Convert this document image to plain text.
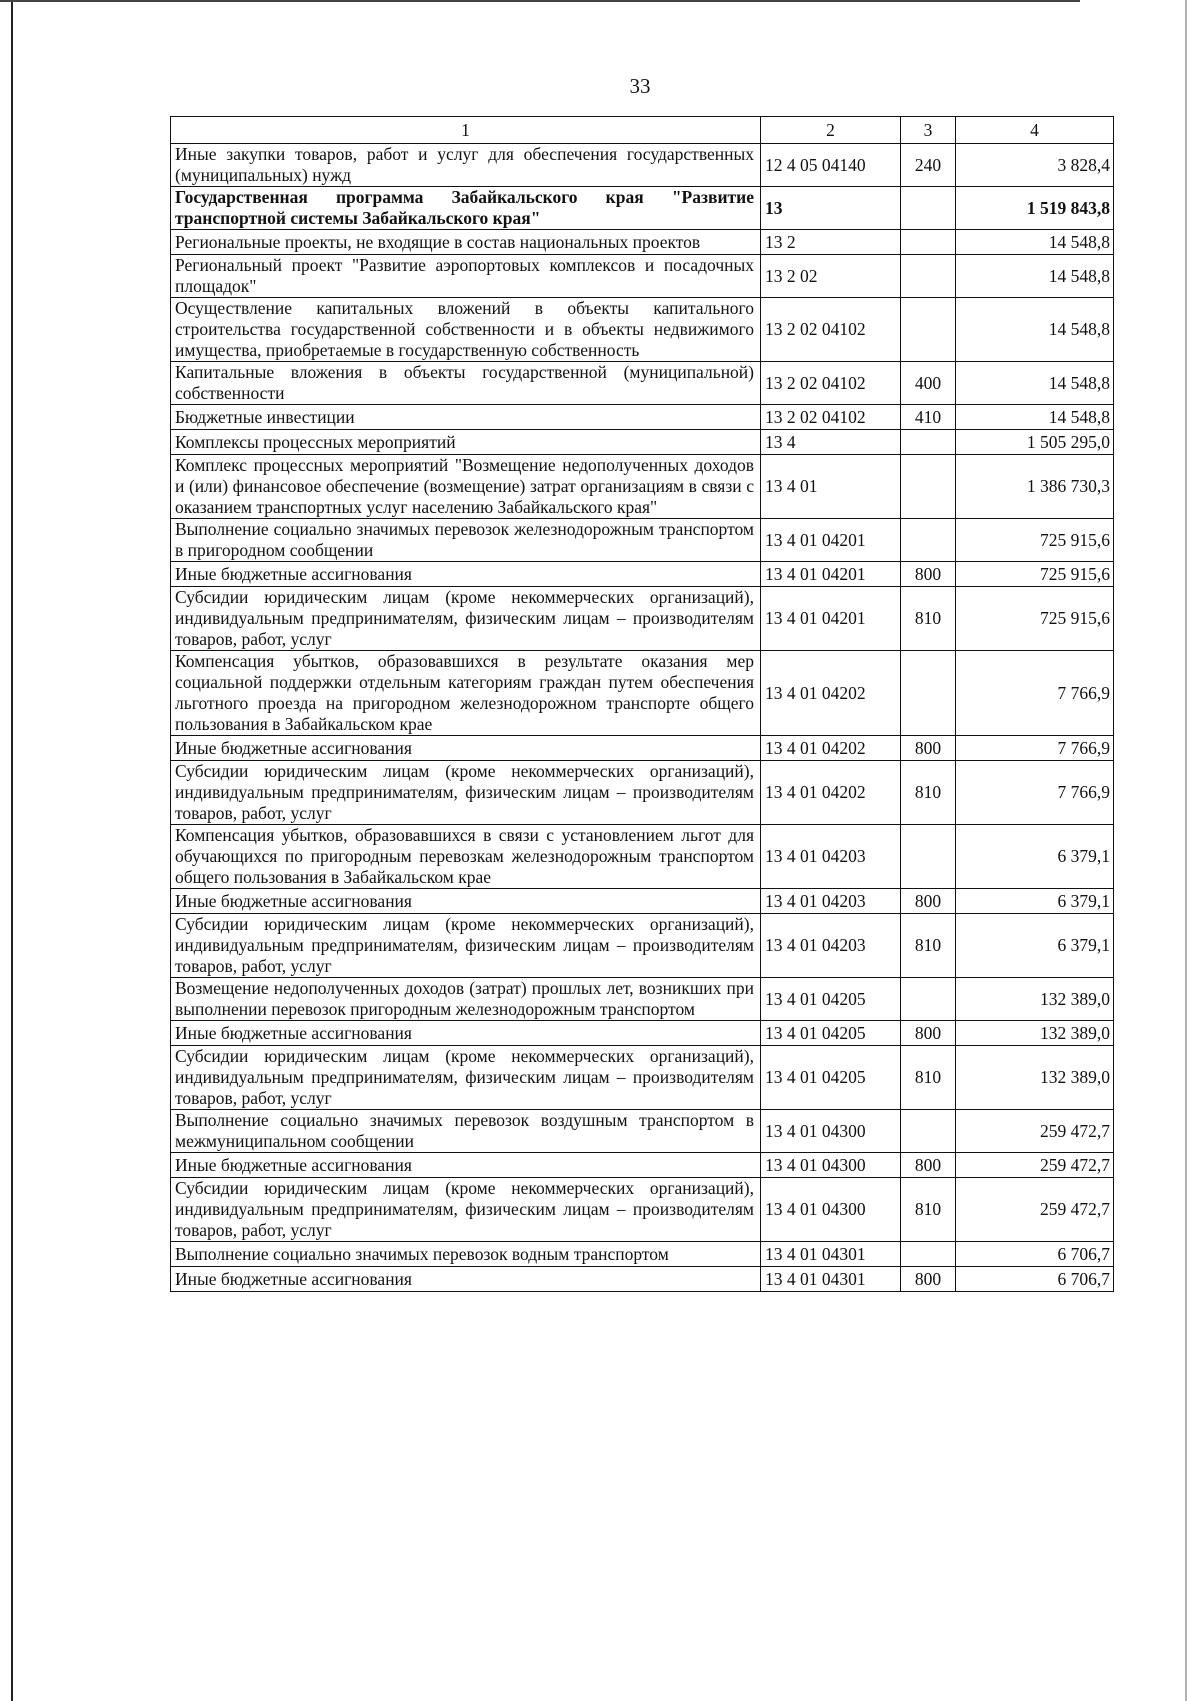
33
1	2	3	4
Иные закупки товаров, работ и услуг для обеспечения государственных (муниципальных) нужд	12 4 05 04140	240	3 828,4
Государственная программа Забайкальского края "Развитие транспортной системы Забайкальского края"	13		1 519 843,8
Региональные проекты, не входящие в состав национальных проектов	13 2		14 548,8
Региональный проект "Развитие аэропортовых комплексов и посадочных площадок"	13 2 02		14 548,8
Осуществление капитальных вложений в объекты капитального строительства государственной собственности и в объекты недвижимого имущества, приобретаемые в государственную собственность	13 2 02 04102		14 548,8
Капитальные вложения в объекты государственной (муниципальной) собственности	13 2 02 04102	400	14 548,8
Бюджетные инвестиции	13 2 02 04102	410	14 548,8
Комплексы процессных мероприятий	13 4		1 505 295,0
Комплекс процессных мероприятий "Возмещение недополученных доходов и (или) финансовое обеспечение (возмещение) затрат организациям в связи с оказанием транспортных услуг населению Забайкальского края"	13 4 01		1 386 730,3
Выполнение социально значимых перевозок железнодорожным транспортом в пригородном сообщении	13 4 01 04201		725 915,6
Иные бюджетные ассигнования	13 4 01 04201	800	725 915,6
Субсидии юридическим лицам (кроме некоммерческих организаций), индивидуальным предпринимателям, физическим лицам – производителям товаров, работ, услуг	13 4 01 04201	810	725 915,6
Компенсация убытков, образовавшихся в результате оказания мер социальной поддержки отдельным категориям граждан путем обеспечения льготного проезда на пригородном железнодорожном транспорте общего пользования в Забайкальском крае	13 4 01 04202		7 766,9
Иные бюджетные ассигнования	13 4 01 04202	800	7 766,9
Субсидии юридическим лицам (кроме некоммерческих организаций), индивидуальным предпринимателям, физическим лицам – производителям товаров, работ, услуг	13 4 01 04202	810	7 766,9
Компенсация убытков, образовавшихся в связи с установлением льгот для обучающихся по пригородным перевозкам железнодорожным транспортом общего пользования в Забайкальском крае	13 4 01 04203		6 379,1
Иные бюджетные ассигнования	13 4 01 04203	800	6 379,1
Субсидии юридическим лицам (кроме некоммерческих организаций), индивидуальным предпринимателям, физическим лицам – производителям товаров, работ, услуг	13 4 01 04203	810	6 379,1
Возмещение недополученных доходов (затрат) прошлых лет, возникших при выполнении перевозок пригородным железнодорожным транспортом	13 4 01 04205		132 389,0
Иные бюджетные ассигнования	13 4 01 04205	800	132 389,0
Субсидии юридическим лицам (кроме некоммерческих организаций), индивидуальным предпринимателям, физическим лицам – производителям товаров, работ, услуг	13 4 01 04205	810	132 389,0
Выполнение социально значимых перевозок воздушным транспортом в межмуниципальном сообщении	13 4 01 04300		259 472,7
Иные бюджетные ассигнования	13 4 01 04300	800	259 472,7
Субсидии юридическим лицам (кроме некоммерческих организаций), индивидуальным предпринимателям, физическим лицам – производителям товаров, работ, услуг	13 4 01 04300	810	259 472,7
Выполнение социально значимых перевозок водным транспортом	13 4 01 04301		6 706,7
Иные бюджетные ассигнования	13 4 01 04301	800	6 706,7
